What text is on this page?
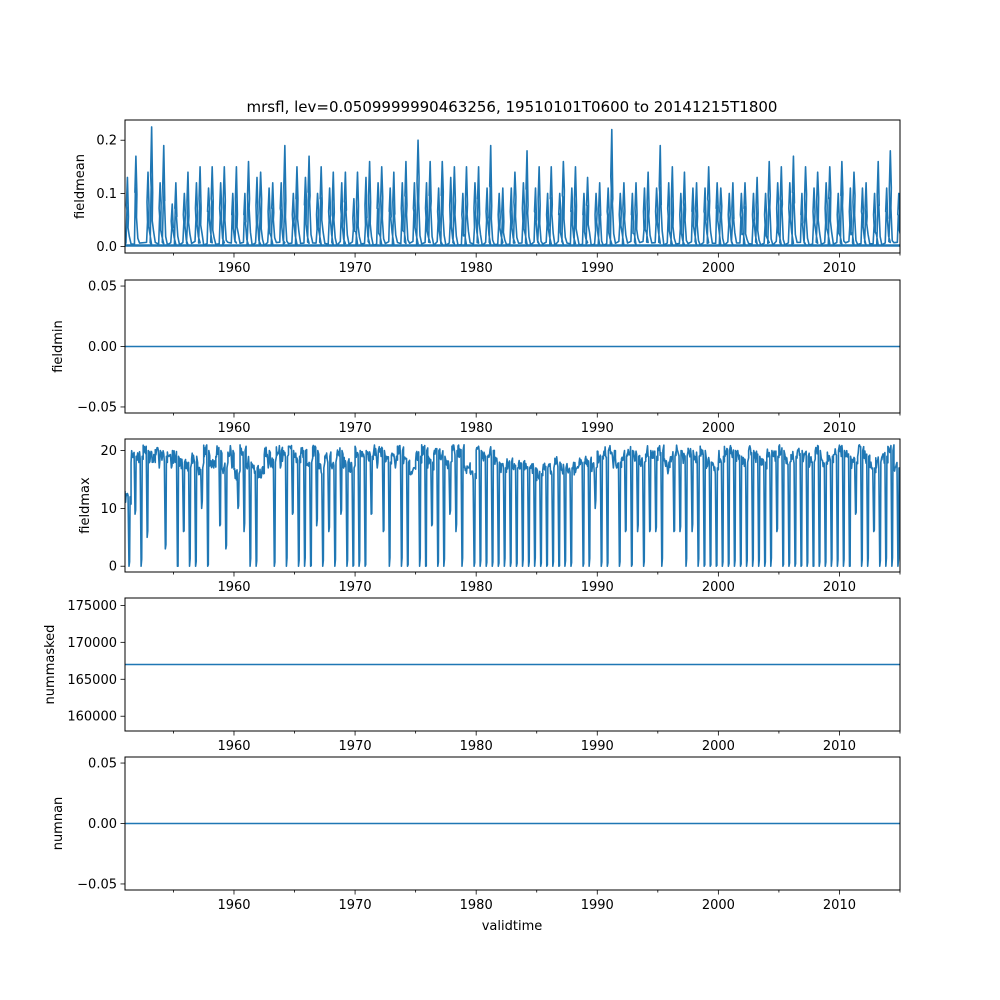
mrsfl, lev=0.0509999990463256, 19510101T0600 to 20141215T1800
validtime
1960	1970	1980	1990	2000	2010
0.0
0.1
0.2
fieldmean
1960	1970	1980	1990	2000	2010
−0.05
0.00
0.05
fieldmin
1960	1970	1980	1990	2000	2010
0
10
20
fieldmax
1960	1970	1980	1990	2000	2010
160000
165000
170000
175000
nummasked
1960	1970	1980	1990	2000	2010
−0.05
0.00
0.05
numnan
